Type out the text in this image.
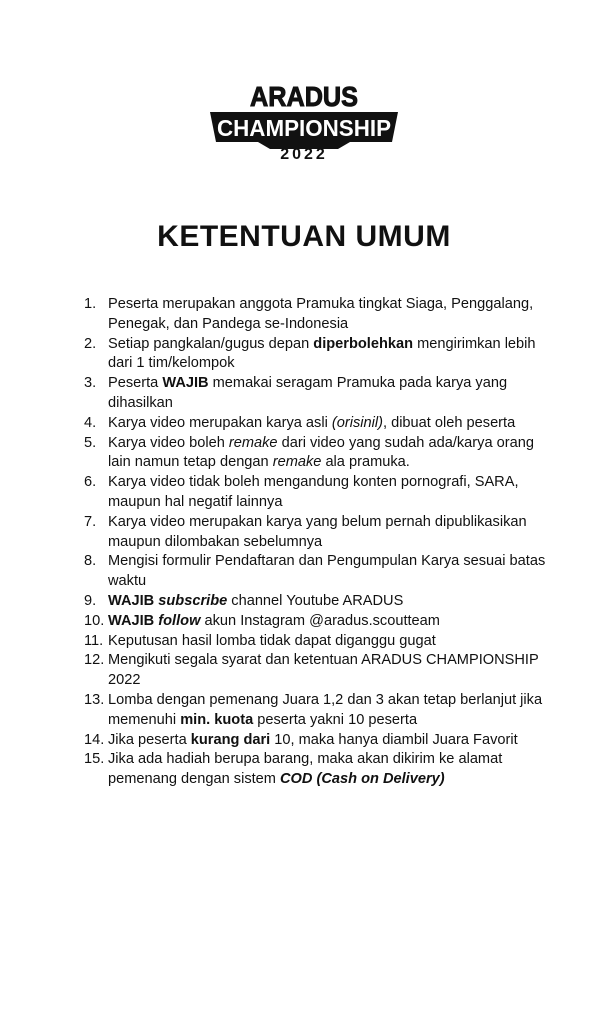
ARADUS
CHAMPIONSHIP
2022
KETENTUAN UMUM
1. Peserta merupakan anggota Pramuka tingkat Siaga, Penggalang, Penegak, dan Pandega se-Indonesia
2. Setiap pangkalan/gugus depan diperbolehkan mengirimkan lebih dari 1 tim/kelompok
3. Peserta WAJIB memakai seragam Pramuka pada karya yang dihasilkan
4. Karya video merupakan karya asli (orisinil), dibuat oleh peserta
5. Karya video boleh remake dari video yang sudah ada/karya orang lain namun tetap dengan remake ala pramuka.
6. Karya video tidak boleh mengandung konten pornografi, SARA, maupun hal negatif lainnya
7. Karya video merupakan karya yang belum pernah dipublikasikan maupun dilombakan sebelumnya
8. Mengisi formulir Pendaftaran dan Pengumpulan Karya sesuai batas waktu
9. WAJIB subscribe channel Youtube ARADUS
10. WAJIB follow akun Instagram @aradus.scoutteam
11. Keputusan hasil lomba tidak dapat diganggu gugat
12. Mengikuti segala syarat dan ketentuan ARADUS CHAMPIONSHIP 2022
13. Lomba dengan pemenang Juara 1,2 dan 3 akan tetap berlanjut jika memenuhi min. kuota peserta yakni 10 peserta
14. Jika peserta kurang dari 10, maka hanya diambil Juara Favorit
15. Jika ada hadiah berupa barang, maka akan dikirim ke alamat pemenang dengan sistem COD (Cash on Delivery)
